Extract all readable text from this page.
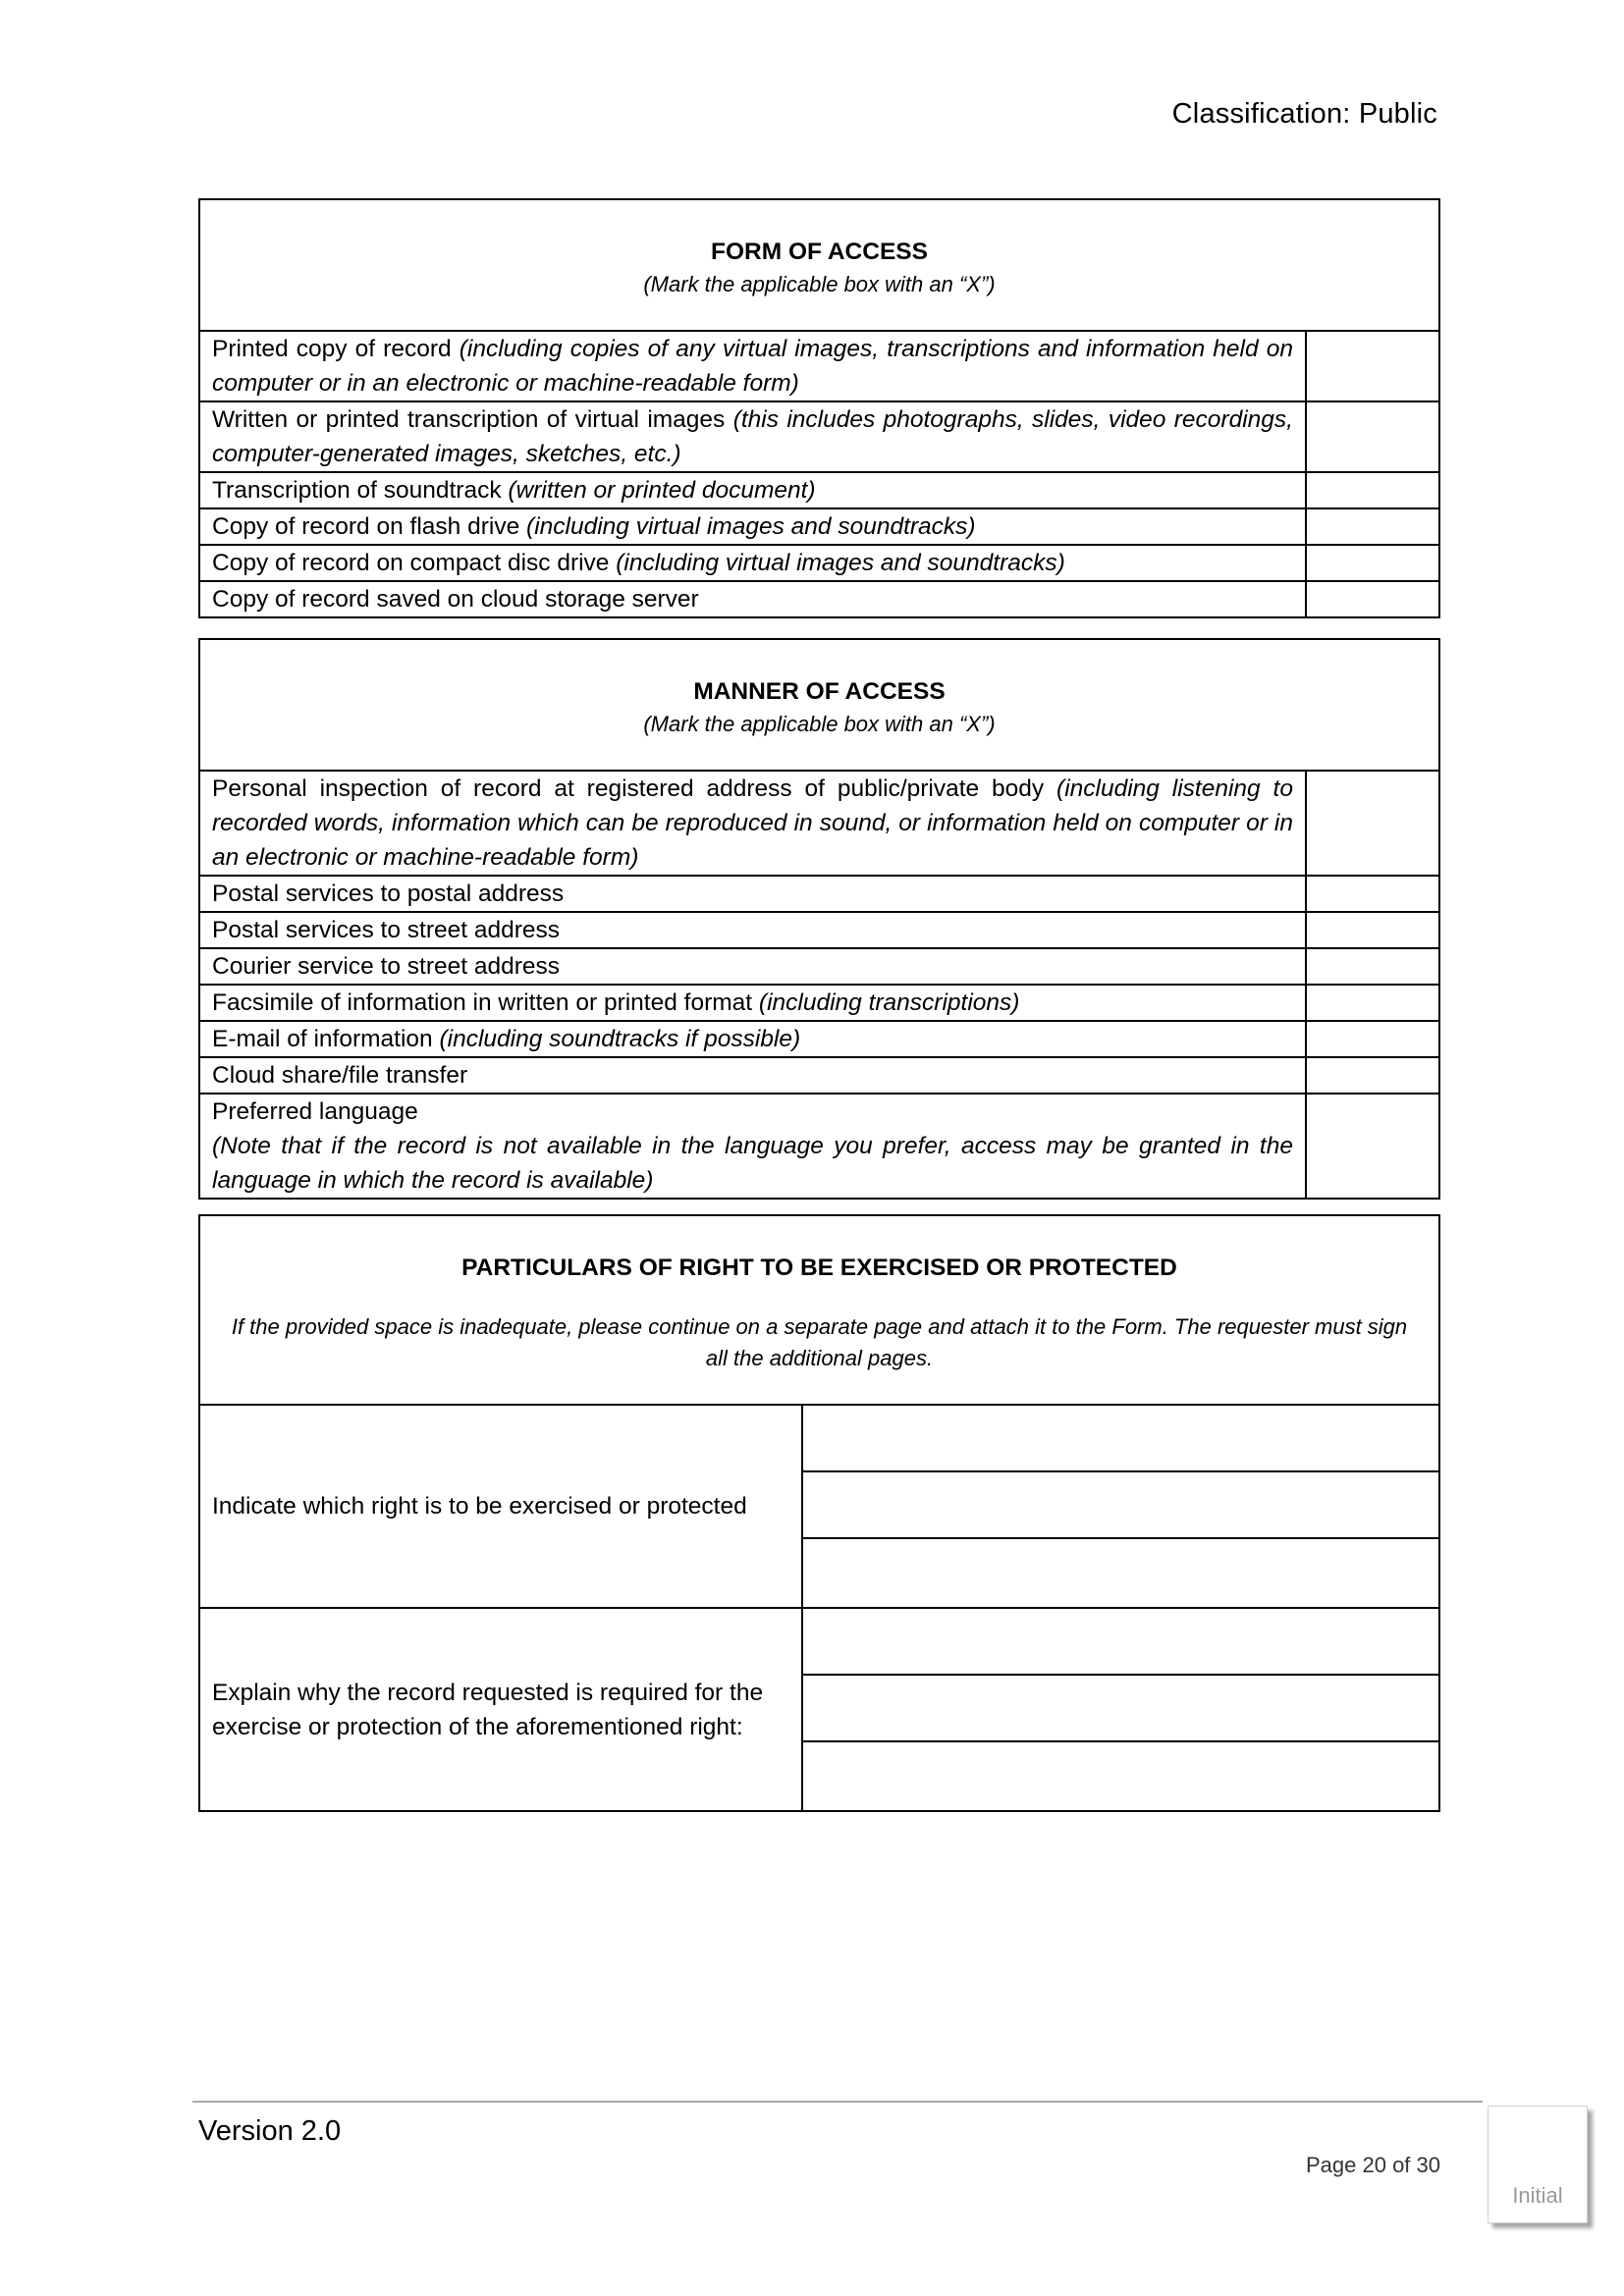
Classification: Public
FORM OF ACCESS
(Mark the applicable box with an “X”)	

Printed copy of record (including copies of any virtual images, transcriptions and information held on computer or in an electronic or machine-readable form)	
Written or printed transcription of virtual images (this includes photographs, slides, video recordings, computer-generated images, sketches, etc.)	
Transcription of soundtrack (written or printed document)	
Copy of record on flash drive (including virtual images and soundtracks)	
Copy of record on compact disc drive (including virtual images and soundtracks)	
Copy of record saved on cloud storage server	
MANNER OF ACCESS
(Mark the applicable box with an “X”)	

Personal inspection of record at registered address of public/private body (including listening to recorded words, information which can be reproduced in sound, or information held on computer or in an electronic or machine-readable form)	
Postal services to postal address	
Postal services to street address	
Courier service to street address	
Facsimile of information in written or printed format (including transcriptions)	
E-mail of information (including soundtracks if possible)	
Cloud share/file transfer	

Preferred language
(Note that if the record is not available in the language you prefer, access may be granted in the language in which the record is available)	
PARTICULARS OF RIGHT TO BE EXERCISED OR PROTECTED
If the provided space is inadequate, please continue on a separate page and attach it to the Form. The requester must sign all the additional pages.	

Indicate which right is to be exercised or protected	

Explain why the record requested is required for the
exercise or protection of the aforementioned right:	

Version 2.0
Page 20 of 30
Initial
